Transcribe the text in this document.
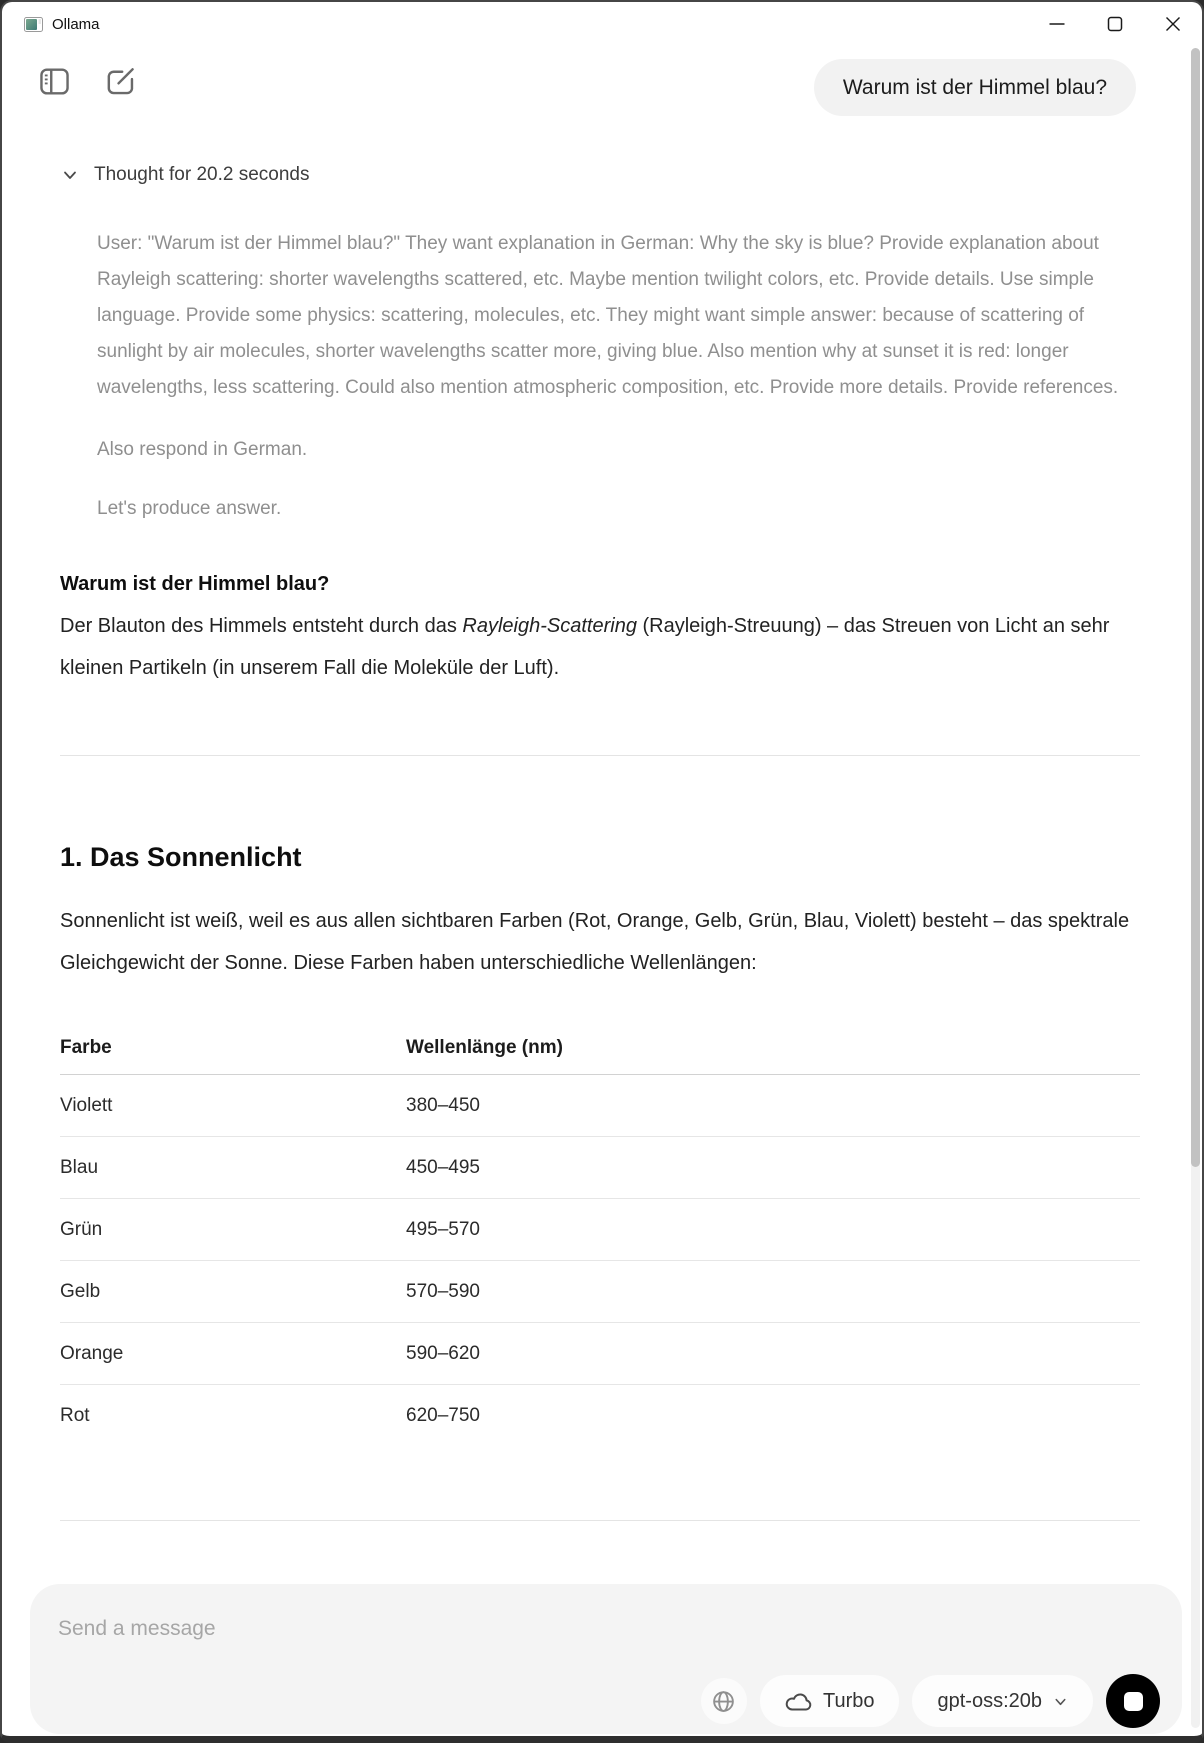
Ollama
Warum ist der Himmel blau?
Thought for 20.2 seconds

User: "Warum ist der Himmel blau?" They want explanation in German: Why the sky is blue? Provide explanation about Rayleigh scattering: shorter wavelengths scattered, etc. Maybe mention twilight colors, etc. Provide details. Use simple language. Provide some physics: scattering, molecules, etc. They might want simple answer: because of scattering of sunlight by air molecules, shorter wavelengths scatter more, giving blue. Also mention why at sunset it is red: longer wavelengths, less scattering. Could also mention atmospheric composition, etc. Provide more details. Provide references.

Also respond in German.

Let's produce answer.

Warum ist der Himmel blau?

Der Blauton des Himmels entsteht durch das Rayleigh-Scattering (Rayleigh-Streuung) – das Streuen von Licht an sehr kleinen Partikeln (in unserem Fall die Moleküle der Luft).

1. Das Sonnenlicht

Sonnenlicht ist weiß, weil es aus allen sichtbaren Farben (Rot, Orange, Gelb, Grün, Blau, Violett) besteht – das spektrale Gleichgewicht der Sonne. Diese Farben haben unterschiedliche Wellenlängen:

Farbe	Wellenlänge (nm)
Violett	380–450
Blau	450–495
Grün	495–570
Gelb	570–590
Orange	590–620
Rot	620–750
Send a message
Turbo	gpt-oss:20b
